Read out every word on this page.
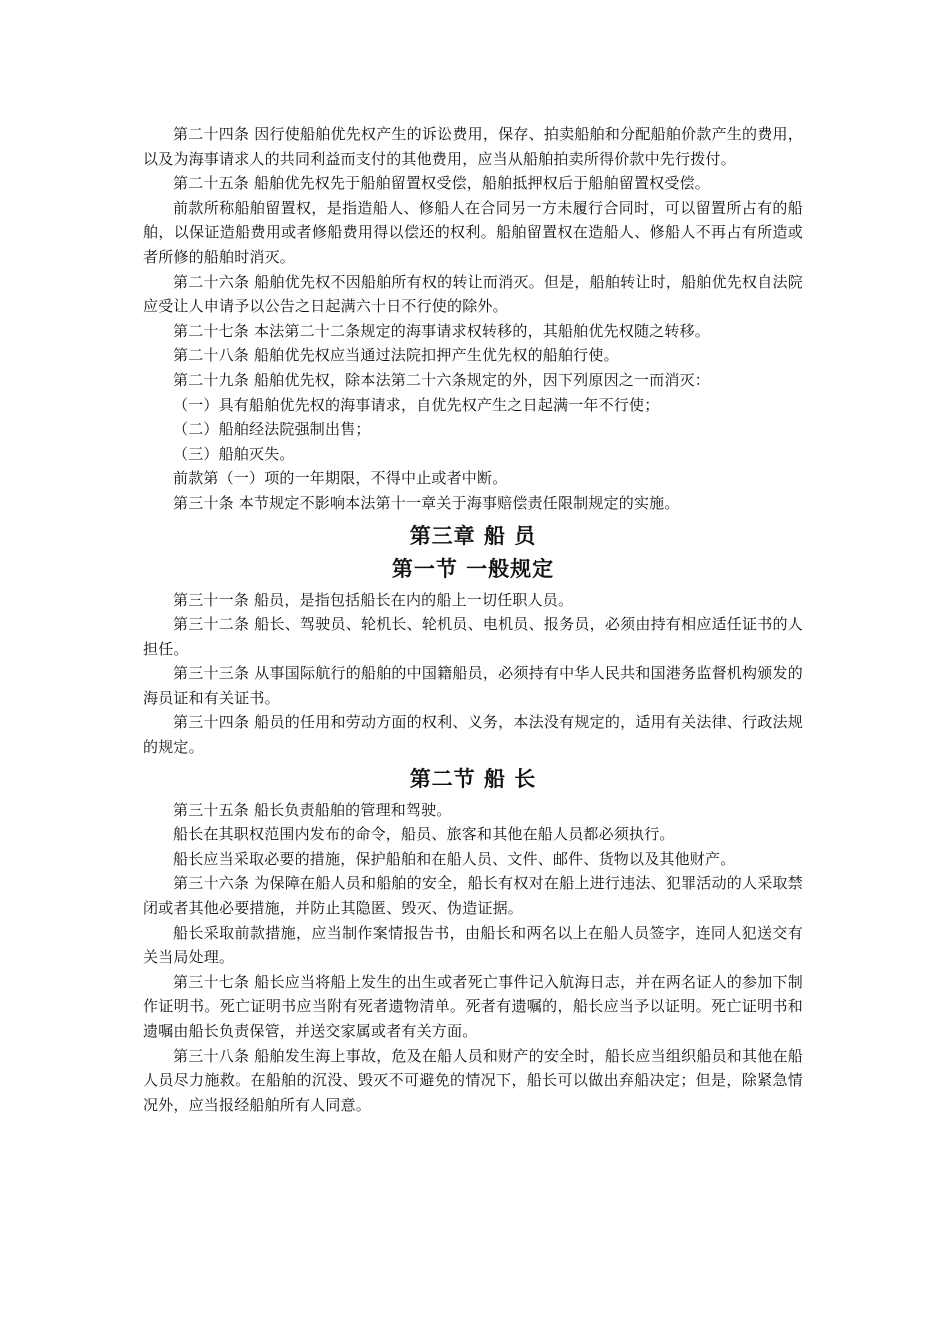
第二十四条 因行使船舶优先权产生的诉讼费用，保存、拍卖船舶和分配船舶价款产生的费用，以及为海事请求人的共同利益而支付的其他费用，应当从船舶拍卖所得价款中先行拨付。

第二十五条 船舶优先权先于船舶留置权受偿，船舶抵押权后于船舶留置权受偿。

前款所称船舶留置权，是指造船人、修船人在合同另一方未履行合同时，可以留置所占有的船舶，以保证造船费用或者修船费用得以偿还的权利。船舶留置权在造船人、修船人不再占有所造或者所修的船舶时消灭。

第二十六条 船舶优先权不因船舶所有权的转让而消灭。但是，船舶转让时，船舶优先权自法院应受让人申请予以公告之日起满六十日不行使的除外。

第二十七条 本法第二十二条规定的海事请求权转移的，其船舶优先权随之转移。

第二十八条 船舶优先权应当通过法院扣押产生优先权的船舶行使。

第二十九条 船舶优先权，除本法第二十六条规定的外，因下列原因之一而消灭：

（一）具有船舶优先权的海事请求，自优先权产生之日起满一年不行使；

（二）船舶经法院强制出售；

（三）船舶灭失。

前款第（一）项的一年期限，不得中止或者中断。

第三十条 本节规定不影响本法第十一章关于海事赔偿责任限制规定的实施。

第三章 船 员
第一节 一般规定

第三十一条 船员，是指包括船长在内的船上一切任职人员。

第三十二条 船长、驾驶员、轮机长、轮机员、电机员、报务员，必须由持有相应适任证书的人担任。

第三十三条 从事国际航行的船舶的中国籍船员，必须持有中华人民共和国港务监督机构颁发的海员证和有关证书。

第三十四条 船员的任用和劳动方面的权利、义务，本法没有规定的，适用有关法律、行政法规的规定。

第二节 船 长

第三十五条 船长负责船舶的管理和驾驶。

船长在其职权范围内发布的命令，船员、旅客和其他在船人员都必须执行。

船长应当采取必要的措施，保护船舶和在船人员、文件、邮件、货物以及其他财产。

第三十六条 为保障在船人员和船舶的安全，船长有权对在船上进行违法、犯罪活动的人采取禁闭或者其他必要措施，并防止其隐匿、毁灭、伪造证据。

船长采取前款措施，应当制作案情报告书，由船长和两名以上在船人员签字，连同人犯送交有关当局处理。

第三十七条 船长应当将船上发生的出生或者死亡事件记入航海日志，并在两名证人的参加下制作证明书。死亡证明书应当附有死者遗物清单。死者有遗嘱的，船长应当予以证明。死亡证明书和遗嘱由船长负责保管，并送交家属或者有关方面。

第三十八条 船舶发生海上事故，危及在船人员和财产的安全时，船长应当组织船员和其他在船人员尽力施救。在船舶的沉没、毁灭不可避免的情况下，船长可以做出弃船决定；但是，除紧急情况外，应当报经船舶所有人同意。
